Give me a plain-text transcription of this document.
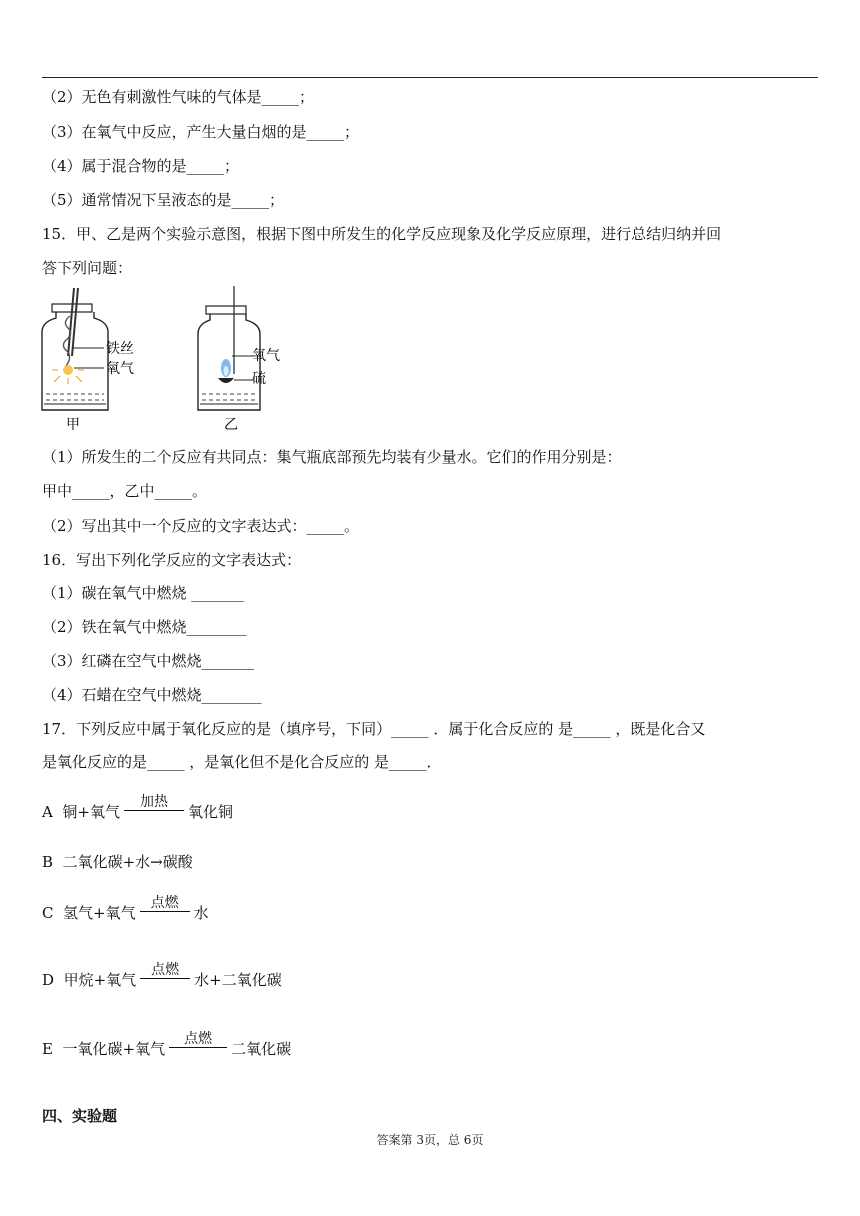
（2）无色有刺激性气味的气体是_____；
（3）在氧气中反应，产生大量白烟的是_____；
（4）属于混合物的是_____；
（5）通常情况下呈液态的是_____；
15．甲、乙是两个实验示意图，根据下图中所发生的化学反应现象及化学反应原理，进行总结归纳并回
答下列问题：
铁丝
氧气
甲
氧气
硫
乙
（1）所发生的二个反应有共同点：集气瓶底部预先均装有少量水。它们的作用分别是：
甲中_____，乙中_____。
（2）写出其中一个反应的文字表达式：_____。
16．写出下列化学反应的文字表达式：
（1）碳在氧气中燃烧 _______
（2）铁在氧气中燃烧________
（3）红磷在空气中燃烧_______
（4）石蜡在空气中燃烧________
17．下列反应中属于氧化反应的是（填序号，下同）_____ ．属于化合反应的 是_____ ，既是化合又
是氧化反应的是_____ ，是氧化但不是化合反应的 是_____．
A 铜+氧气
加热
氧化铜
B 二氧化碳+水→碳酸
C 氢气+氧气
点燃
水
D 甲烷+氧气
点燃
水+二氧化碳
E 一氧化碳+氧气
点燃
二氧化碳
四、实验题
答案第 3页，总 6页
